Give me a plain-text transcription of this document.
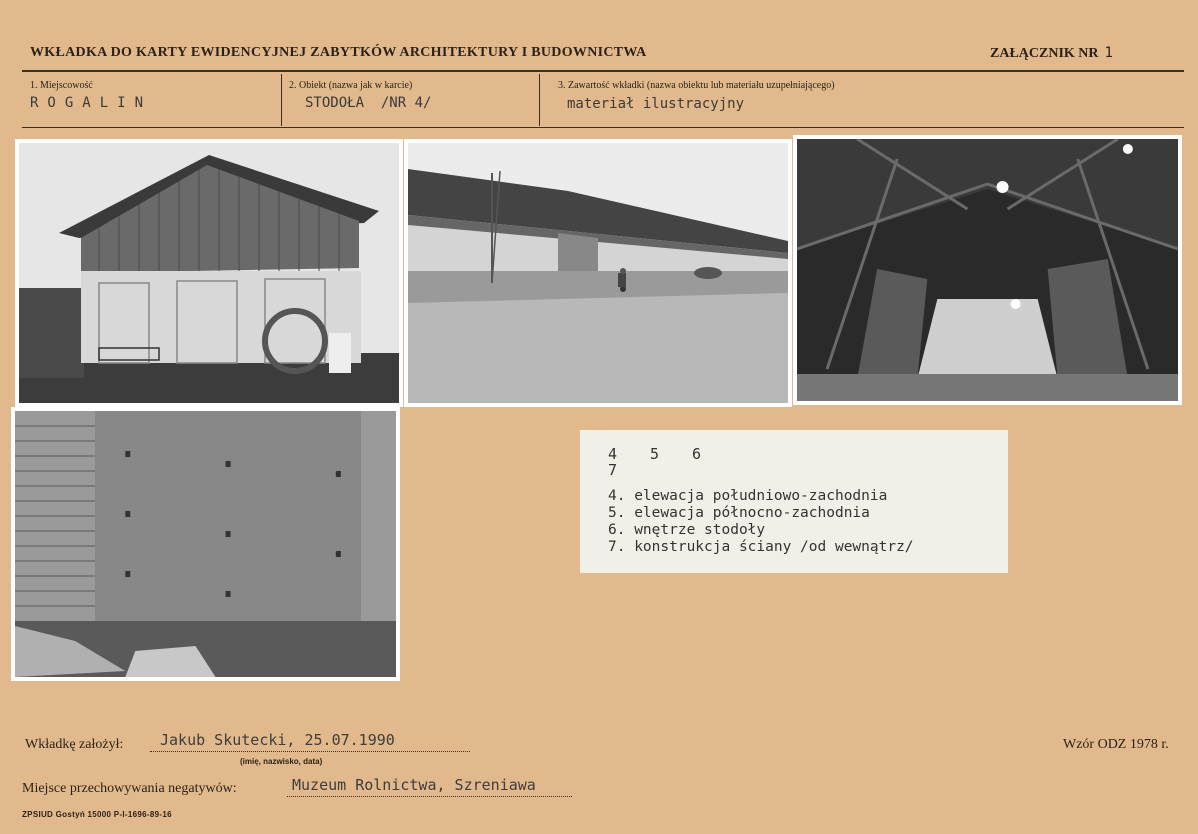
WKŁADKA DO KARTY EWIDENCYJNEJ ZABYTKÓW ARCHITEKTURY I BUDOWNICTWA	ZAŁĄCZNIK NR 1
1. Miejscowość
ROGALIN
2. Obiekt (nazwa jak w karcie)
STODOŁA  /NR 4/
3. Zawartość wkładki (nazwa obiektu lub materiału uzupełniającego)
materiał ilustracyjny
4 5 6
7
4. elewacja południowo-zachodnia
5. elewacja północno-zachodnia
6. wnętrze stodoły
7. konstrukcja ściany /od wewnątrz/
Wkładkę założył:	Jakub Skutecki, 25.07.1990
(imię, nazwisko, data)
Wzór ODZ 1978 r.
Miejsce przechowywania negatywów:	Muzeum Rolnictwa, Szreniawa
ZPSIUD Gostyń 15000 P-I-1696-89-16
